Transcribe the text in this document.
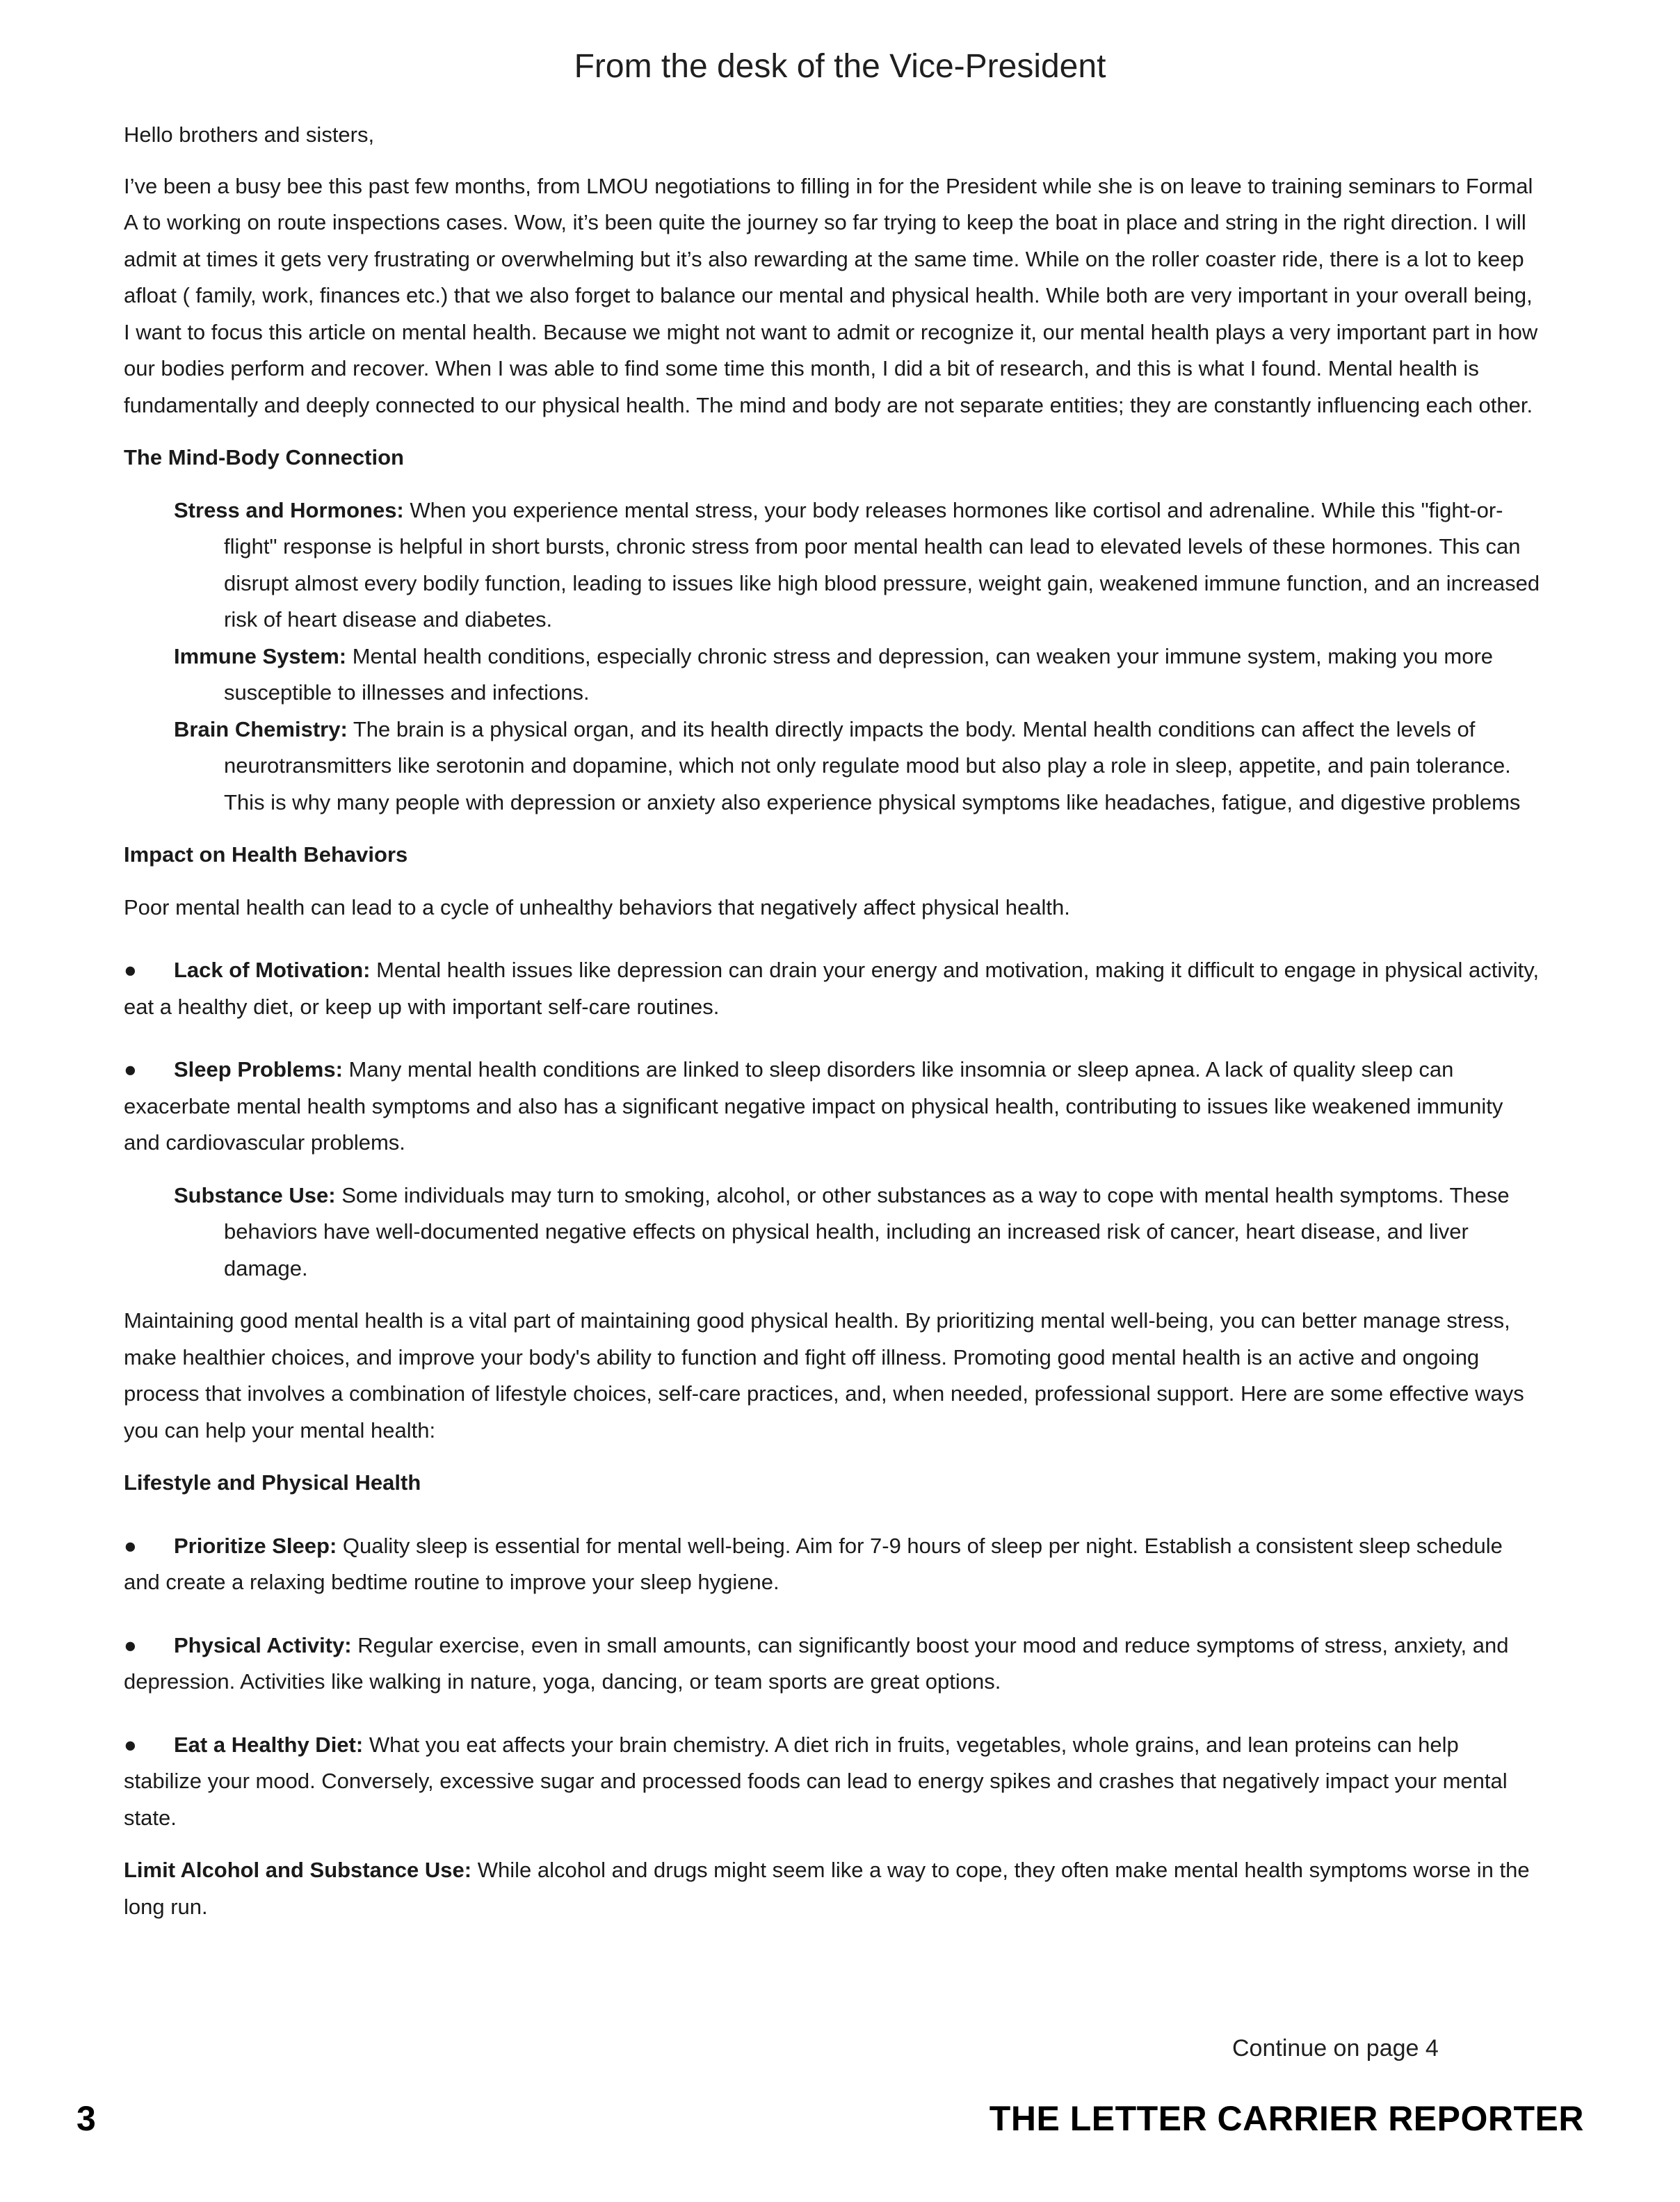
From the desk of the Vice-President

Hello brothers and sisters,

I’ve been a busy bee this past few months, from LMOU negotiations to filling in for the President while she is on leave to training seminars to Formal A to working on route inspections cases. Wow, it’s been quite the journey so far trying to keep the boat in place and string in the right direction. I will admit at times it gets very frustrating or overwhelming but it’s also rewarding at the same time. While on the roller coaster ride, there is a lot to keep afloat ( family, work, finances etc.) that we also forget to balance our mental and physical health. While both are very important in your overall being, I want to focus this article on mental health. Because we might not want to admit or recognize it, our mental health plays a very important part in how our bodies perform and recover. When I was able to find some time this month, I did a bit of research, and this is what I found. Mental health is fundamentally and deeply connected to our physical health. The mind and body are not separate entities; they are constantly influencing each other.

The Mind-Body Connection

Stress and Hormones: When you experience mental stress, your body releases hormones like cortisol and adrenaline. While this "fight-or-flight" response is helpful in short bursts, chronic stress from poor mental health can lead to elevated levels of these hormones. This can disrupt almost every bodily function, leading to issues like high blood pressure, weight gain, weakened immune function, and an increased risk of heart disease and diabetes.

Immune System: Mental health conditions, especially chronic stress and depression, can weaken your immune system, making you more susceptible to illnesses and infections.

Brain Chemistry: The brain is a physical organ, and its health directly impacts the body. Mental health conditions can affect the levels of neurotransmitters like serotonin and dopamine, which not only regulate mood but also play a role in sleep, appetite, and pain tolerance. This is why many people with depression or anxiety also experience physical symptoms like headaches, fatigue, and digestive problems

Impact on Health Behaviors

Poor mental health can lead to a cycle of unhealthy behaviors that negatively affect physical health.

● Lack of Motivation: Mental health issues like depression can drain your energy and motivation, making it difficult to engage in physical activity, eat a healthy diet, or keep up with important self-care routines.

● Sleep Problems: Many mental health conditions are linked to sleep disorders like insomnia or sleep apnea. A lack of quality sleep can exacerbate mental health symptoms and also has a significant negative impact on physical health, contributing to issues like weakened immunity and cardiovascular problems.

Substance Use: Some individuals may turn to smoking, alcohol, or other substances as a way to cope with mental health symptoms. These behaviors have well-documented negative effects on physical health, including an increased risk of cancer, heart disease, and liver damage.

Maintaining good mental health is a vital part of maintaining good physical health. By prioritizing mental well-being, you can better manage stress, make healthier choices, and improve your body's ability to function and fight off illness. Promoting good mental health is an active and ongoing process that involves a combination of lifestyle choices, self-care practices, and, when needed, professional support. Here are some effective ways you can help your mental health:

Lifestyle and Physical Health

● Prioritize Sleep: Quality sleep is essential for mental well-being. Aim for 7-9 hours of sleep per night. Establish a consistent sleep schedule and create a relaxing bedtime routine to improve your sleep hygiene.

● Physical Activity: Regular exercise, even in small amounts, can significantly boost your mood and reduce symptoms of stress, anxiety, and depression. Activities like walking in nature, yoga, dancing, or team sports are great options.

● Eat a Healthy Diet: What you eat affects your brain chemistry. A diet rich in fruits, vegetables, whole grains, and lean proteins can help stabilize your mood. Conversely, excessive sugar and processed foods can lead to energy spikes and crashes that negatively impact your mental state.

Limit Alcohol and Substance Use: While alcohol and drugs might seem like a way to cope, they often make mental health symptoms worse in the long run.

Continue on page 4
3	THE LETTER CARRIER REPORTER
